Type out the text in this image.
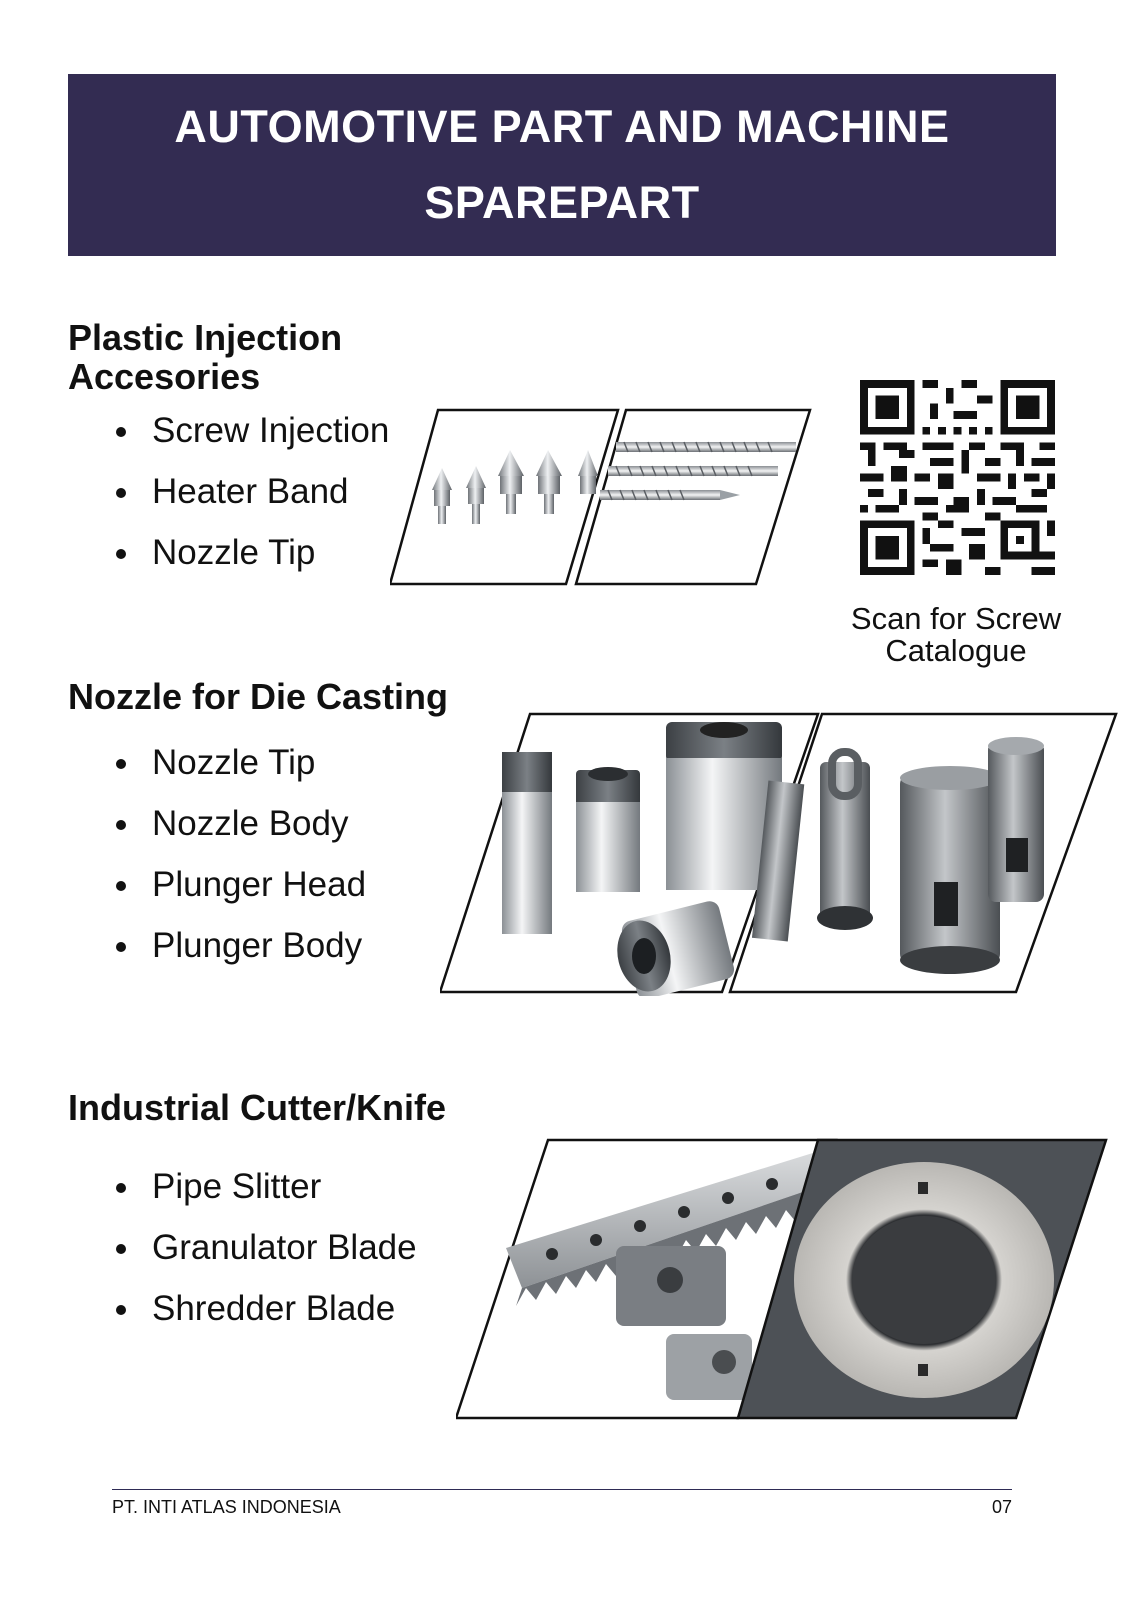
AUTOMOTIVE PART AND MACHINE SPAREPART
Plastic Injection Accesories
Screw Injection
Heater Band
Nozzle Tip
Scan for Screw Catalogue
Nozzle for Die Casting
Nozzle Tip
Nozzle Body
Plunger Head
Plunger Body
Industrial Cutter/Knife
Pipe Slitter
Granulator Blade
Shredder Blade
PT. INTI ATLAS INDONESIA	07
